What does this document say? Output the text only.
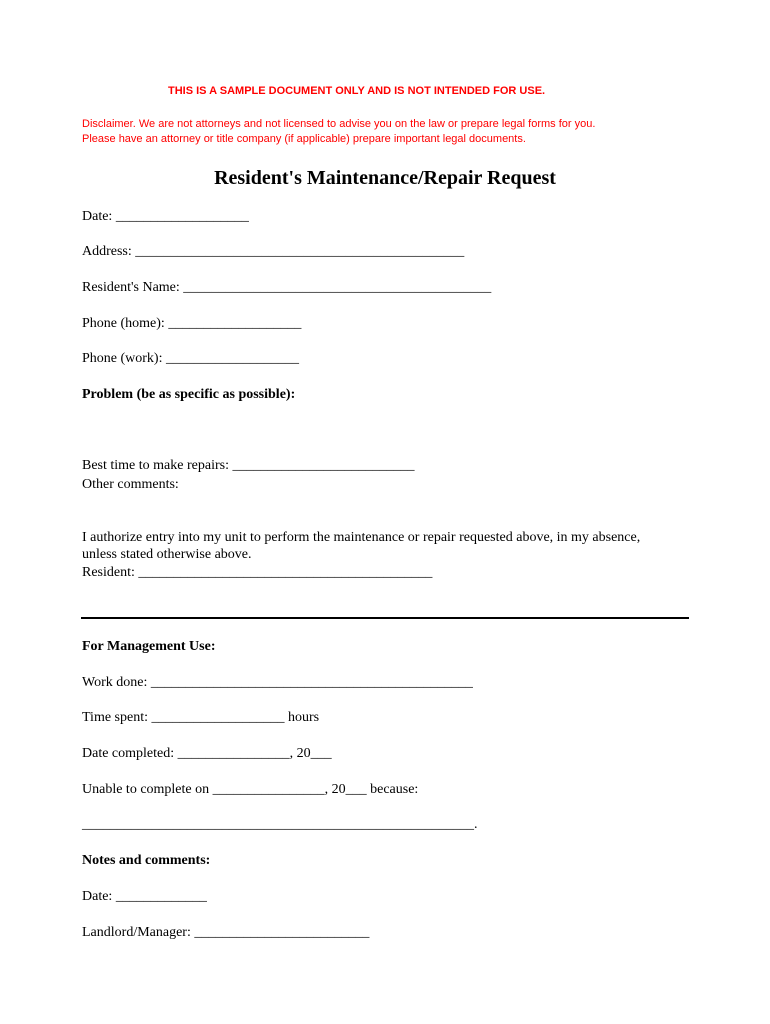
THIS IS A SAMPLE DOCUMENT ONLY AND IS NOT INTENDED FOR USE.
Disclaimer. We are not attorneys and not licensed to advise you on the law or prepare legal forms for you.
Please have an attorney or title company (if applicable) prepare important legal documents.
Resident's Maintenance/Repair Request
Date: ___________________
Address: _______________________________________________
Resident's Name: ____________________________________________
Phone (home): ___________________
Phone (work): ___________________
Problem (be as specific as possible):
Best time to make repairs: __________________________
Other comments:
I authorize entry into my unit to perform the maintenance or repair requested above, in my absence,
unless stated otherwise above.
Resident: __________________________________________
For Management Use:
Work done: ______________________________________________
Time spent: ___________________ hours
Date completed: ________________, 20___
Unable to complete on ________________, 20___ because:
________________________________________________________.
Notes and comments:
Date: _____________
Landlord/Manager: _________________________
